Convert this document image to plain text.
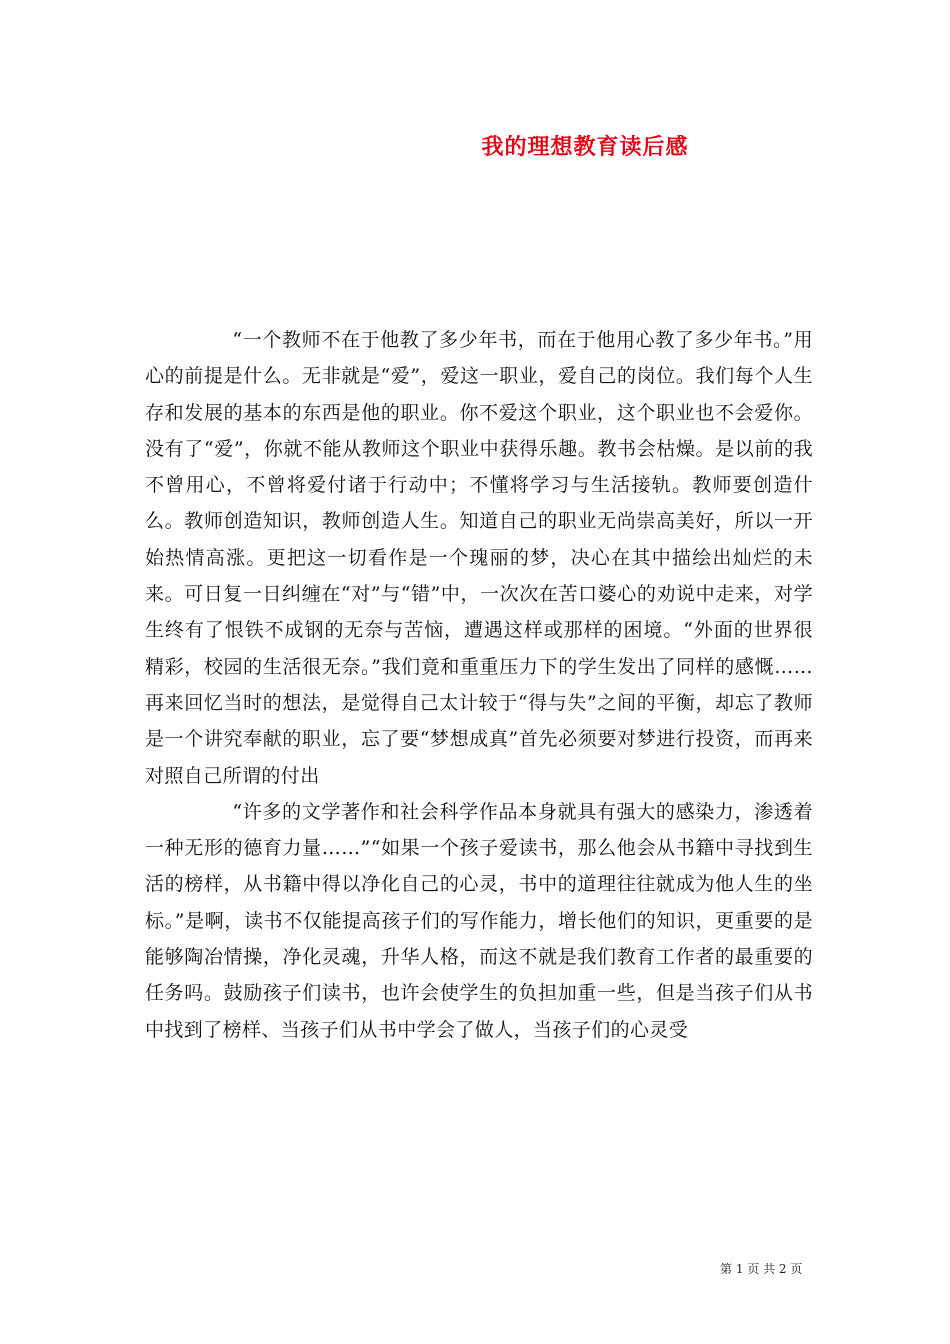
我的理想教育读后感

“一个教师不在于他教了多少年书，而在于他用心教了多少年书。”用心的前提是什么。无非就是“爱”，爱这一职业，爱自己的岗位。我们每个人生存和发展的基本的东西是他的职业。你不爱这个职业，这个职业也不会爱你。没有了“爱”，你就不能从教师这个职业中获得乐趣。教书会枯燥。是以前的我不曾用心，不曾将爱付诸于行动中；不懂将学习与生活接轨。教师要创造什么。教师创造知识，教师创造人生。知道自己的职业无尚崇高美好，所以一开始热情高涨。更把这一切看作是一个瑰丽的梦，决心在其中描绘出灿烂的未来。可日复一日纠缠在“对”与“错”中，一次次在苦口婆心的劝说中走来，对学生终有了恨铁不成钢的无奈与苦恼，遭遇这样或那样的困境。“外面的世界很精彩，校园的生活很无奈。”我们竟和重重压力下的学生发出了同样的感慨……再来回忆当时的想法，是觉得自己太计较于“得与失”之间的平衡，却忘了教师是一个讲究奉献的职业，忘了要“梦想成真”首先必须要对梦进行投资，而再来对照自己所谓的付出

“许多的文学著作和社会科学作品本身就具有强大的感染力，渗透着一种无形的德育力量……”“如果一个孩子爱读书，那么他会从书籍中寻找到生活的榜样，从书籍中得以净化自己的心灵，书中的道理往往就成为他人生的坐标。”是啊，读书不仅能提高孩子们的写作能力，增长他们的知识，更重要的是能够陶冶情操，净化灵魂，升华人格，而这不就是我们教育工作者的最重要的任务吗。鼓励孩子们读书，也许会使学生的负担加重一些，但是当孩子们从书中找到了榜样、当孩子们从书中学会了做人，当孩子们的心灵受

第 1 页 共 2 页
